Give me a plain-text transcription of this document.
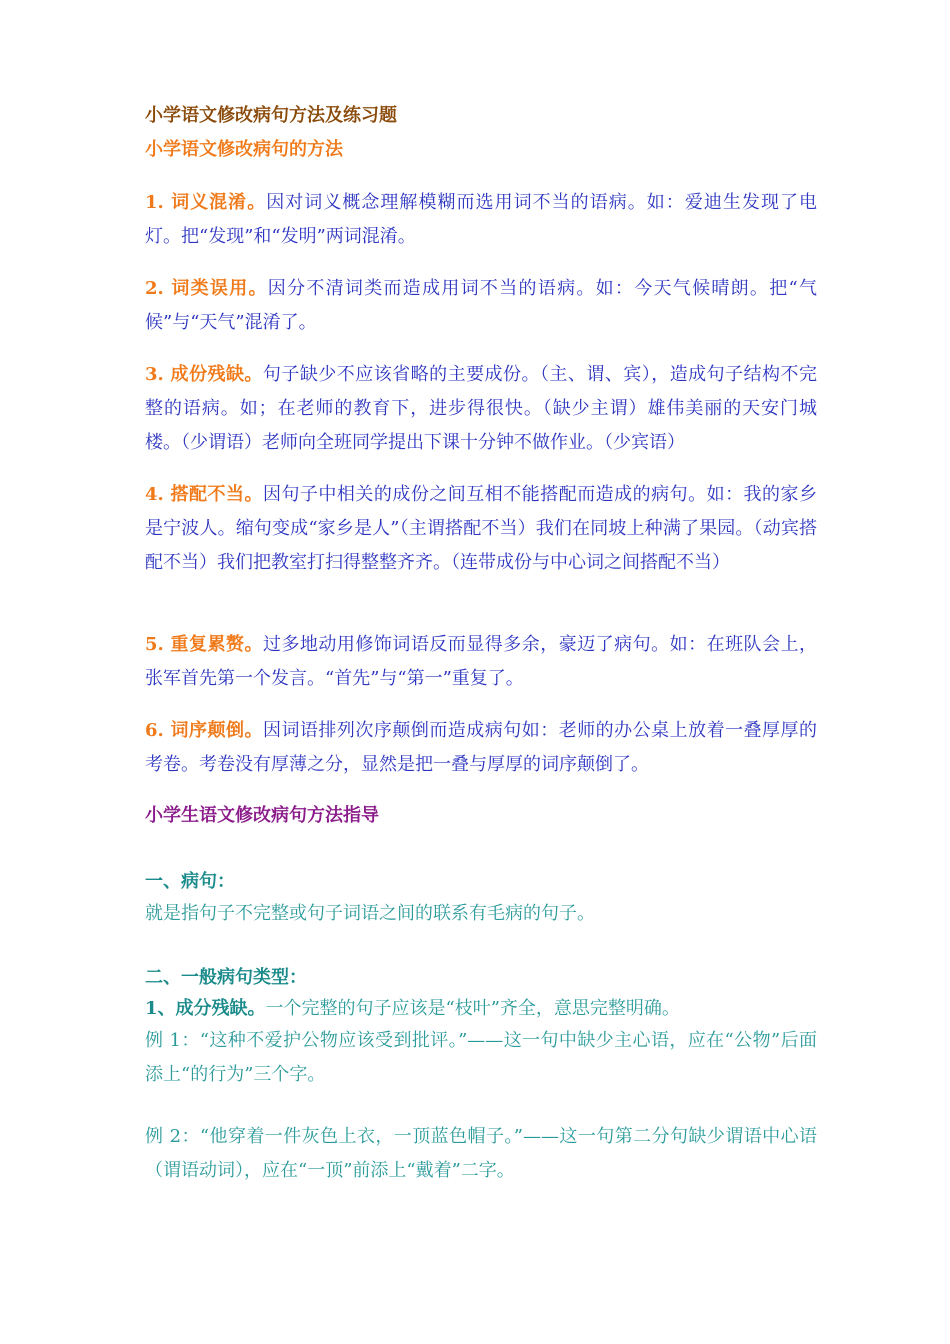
小学语文修改病句方法及练习题
小学语文修改病句的方法
1. 词义混淆。因对词义概念理解模糊而选用词不当的语病。如：爱迪生发现了电灯。把“发现”和“发明”两词混淆。
2. 词类误用。因分不清词类而造成用词不当的语病。如：今天气候晴朗。把“气候”与“天气”混淆了。
3. 成份残缺。句子缺少不应该省略的主要成份。（主、谓、宾），造成句子结构不完整的语病。如；在老师的教育下，进步得很快。（缺少主谓）雄伟美丽的天安门城楼。（少谓语）老师向全班同学提出下课十分钟不做作业。（少宾语）
4. 搭配不当。因句子中相关的成份之间互相不能搭配而造成的病句。如：我的家乡是宁波人。缩句变成“家乡是人”（主谓搭配不当）我们在同坡上种满了果园。（动宾搭配不当）我们把教室打扫得整整齐齐。（连带成份与中心词之间搭配不当）
5. 重复累赘。过多地动用修饰词语反而显得多余，豪迈了病句。如：在班队会上，张军首先第一个发言。“首先”与“第一”重复了。
6. 词序颠倒。因词语排列次序颠倒而造成病句如：老师的办公桌上放着一叠厚厚的考卷。考卷没有厚薄之分，显然是把一叠与厚厚的词序颠倒了。
小学生语文修改病句方法指导
一、病句：
就是指句子不完整或句子词语之间的联系有毛病的句子。
二、一般病句类型：
1、成分残缺。一个完整的句子应该是“枝叶”齐全，意思完整明确。
例 1：“这种不爱护公物应该受到批评。”——这一句中缺少主心语，应在“公物”后面添上“的行为”三个字。
例 2：“他穿着一件灰色上衣，一顶蓝色帽子。”——这一句第二分句缺少谓语中心语（谓语动词），应在“一顶”前添上“戴着”二字。
